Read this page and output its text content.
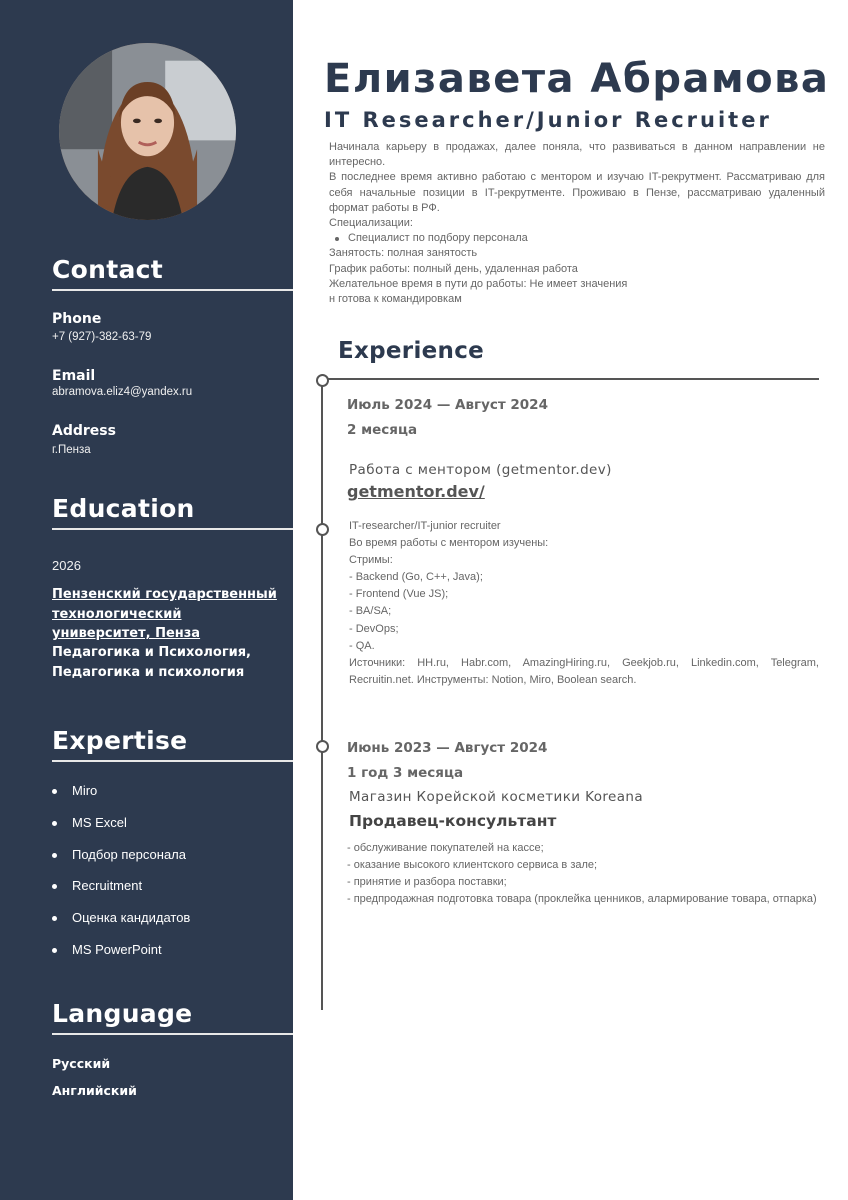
Contact
Phone
+7 (927)-382-63-79
Email
abramova.eliz4@yandex.ru
Address
г.Пенза
Education
2026
Пензенский государственный технологический университет, Пенза
Педагогика и Психология, Педагогика и психология
Expertise
Miro
MS Excel
Подбор персонала
Recruitment
Оценка кандидатов
MS PowerPoint
Language
Русский
Английский
Елизавета Абрамова
IT Researcher/Junior Recruiter

Начинала карьеру в продажах, далее поняла, что развиваться в данном направлении не интересно.

В последнее время активно работаю с ментором и изучаю IT-рекрутмент. Рассматриваю для себя начальные позиции в IT-рекрутменте. Проживаю в Пензе, рассматриваю удаленный формат работы в РФ.

Специализации:

Специалист по подбору персонала

Занятость: полная занятость

График работы: полный день, удаленная работа

Желательное время в пути до работы: Не имеет значения

н готова к командировкам

Experience
Июль 2024 — Август 2024
2 месяца
Работа с ментором (getmentor.dev)
getmentor.dev/
IT-researcher/IT-junior recruiter
Во время работы с ментором изучены:
Стримы:
- Backend (Go, C++, Java);
- Frontend (Vue JS);
- BA/SA;
- DevOps;
- QA.
Источники: HH.ru, Habr.com, AmazingHiring.ru, Geekjob.ru, Linkedin.com, Telegram, Recruitin.net. Инструменты: Notion, Miro, Boolean search.
Июнь 2023 — Август 2024
1 год 3 месяца
Магазин Корейской косметики Koreana
Продавец-консультант
- обслуживание покупателей на кассе;
- оказание высокого клиентского сервиса в зале;
- принятие и разбора поставки;
- предпродажная подготовка товара (проклейка ценников, алармирование товара, отпарка)
